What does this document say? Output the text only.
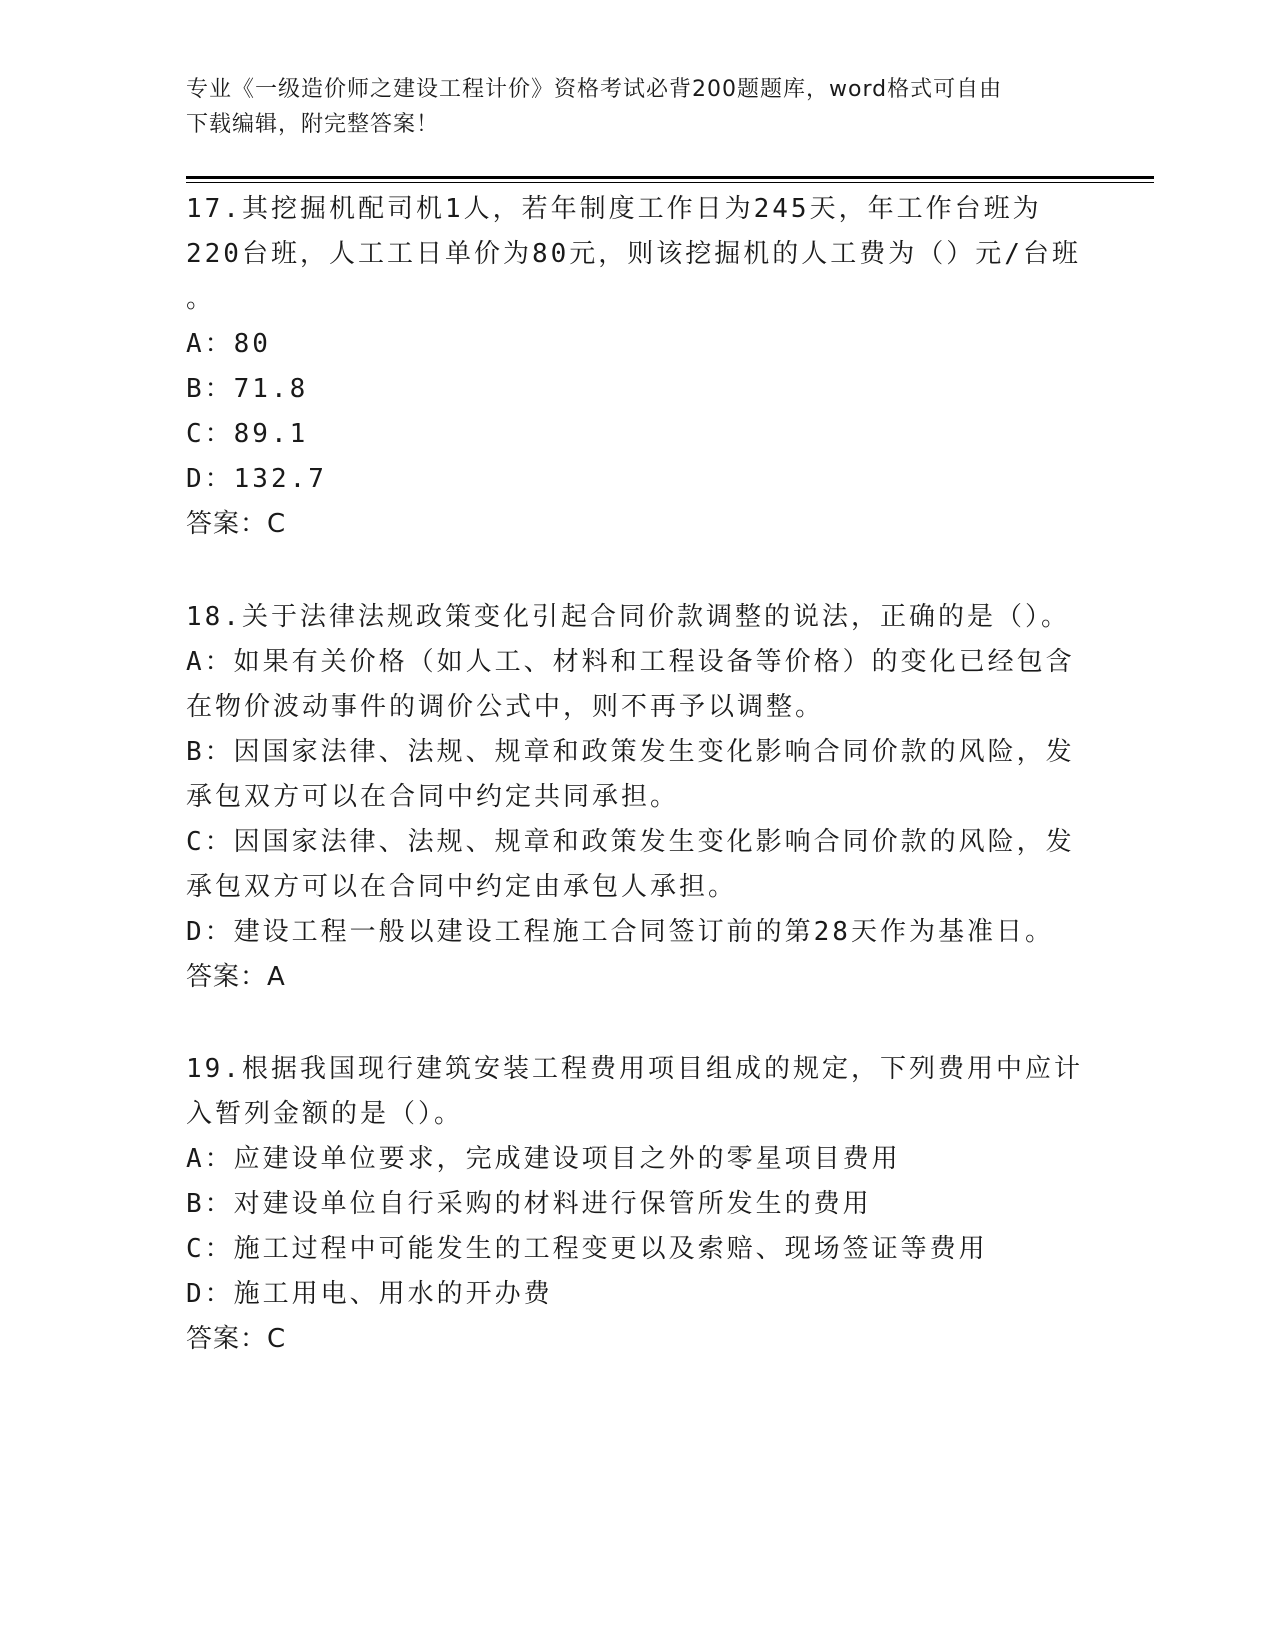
专业《一级造价师之建设工程计价》资格考试必背200题题库，word格式可自由
下载编辑，附完整答案！

17.其挖掘机配司机1人，若年制度工作日为245天，年工作台班为

220台班，人工工日单价为80元，则该挖掘机的人工费为（）元/台班

。

A：80

B：71.8

C：89.1

D：132.7

答案：C

18.关于法律法规政策变化引起合同价款调整的说法，正确的是（）。

A：如果有关价格（如人工、材料和工程设备等价格）的变化已经包含

在物价波动事件的调价公式中，则不再予以调整。

B：因国家法律、法规、规章和政策发生变化影响合同价款的风险，发

承包双方可以在合同中约定共同承担。

C：因国家法律、法规、规章和政策发生变化影响合同价款的风险，发

承包双方可以在合同中约定由承包人承担。

D：建设工程一般以建设工程施工合同签订前的第28天作为基准日。

答案：A

19.根据我国现行建筑安装工程费用项目组成的规定，下列费用中应计

入暂列金额的是（）。

A：应建设单位要求，完成建设项目之外的零星项目费用

B：对建设单位自行采购的材料进行保管所发生的费用

C：施工过程中可能发生的工程变更以及索赔、现场签证等费用

D：施工用电、用水的开办费

答案：C
